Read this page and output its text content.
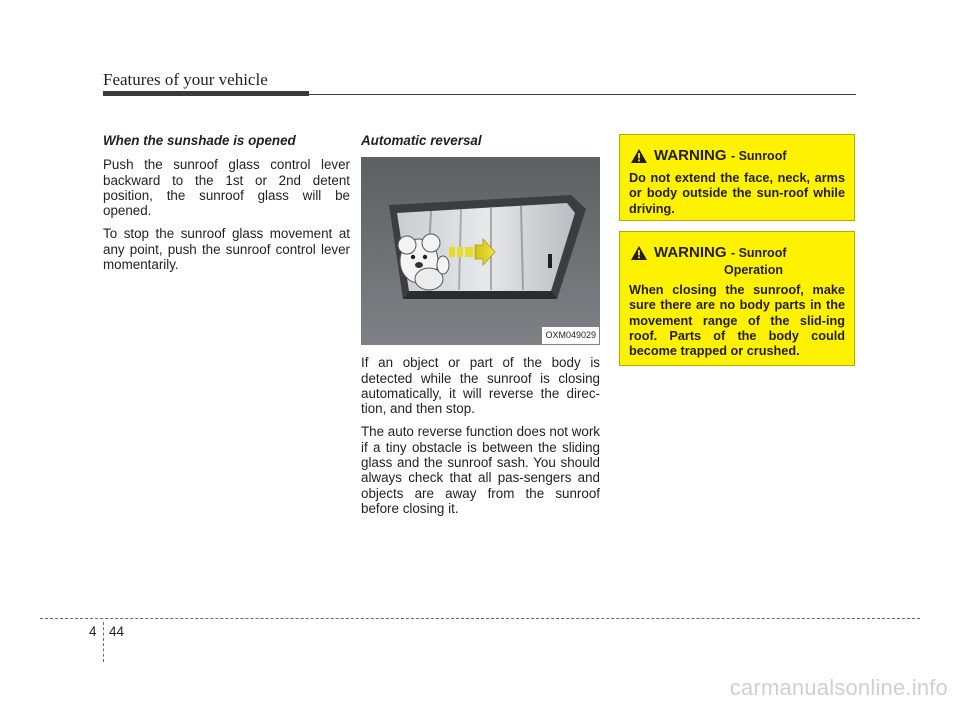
Features of your vehicle
When the sunshade is opened

Push the sunroof glass control lever backward to the 1st or 2nd detent position, the sunroof glass will be opened.

To stop the sunroof glass movement at any point, push the sunroof control lever momentarily.

Automatic reversal
OXM049029

If an object or part of the body is detected while the sunroof is closing automatically, it will reverse the direc-tion, and then stop.

The auto reverse function does not work if a tiny obstacle is between the sliding glass and the sunroof sash. You should always check that all pas-sengers and objects are away from the sunroof before closing it.

WARNING - Sunroof
Do not extend the face, neck, arms or body outside the sun-roof while driving.
WARNING - Sunroof
Operation
When closing the sunroof, make sure there are no body parts in the movement range of the slid-ing roof. Parts of the body could become trapped or crushed.
4 44
carmanualsonline.info
